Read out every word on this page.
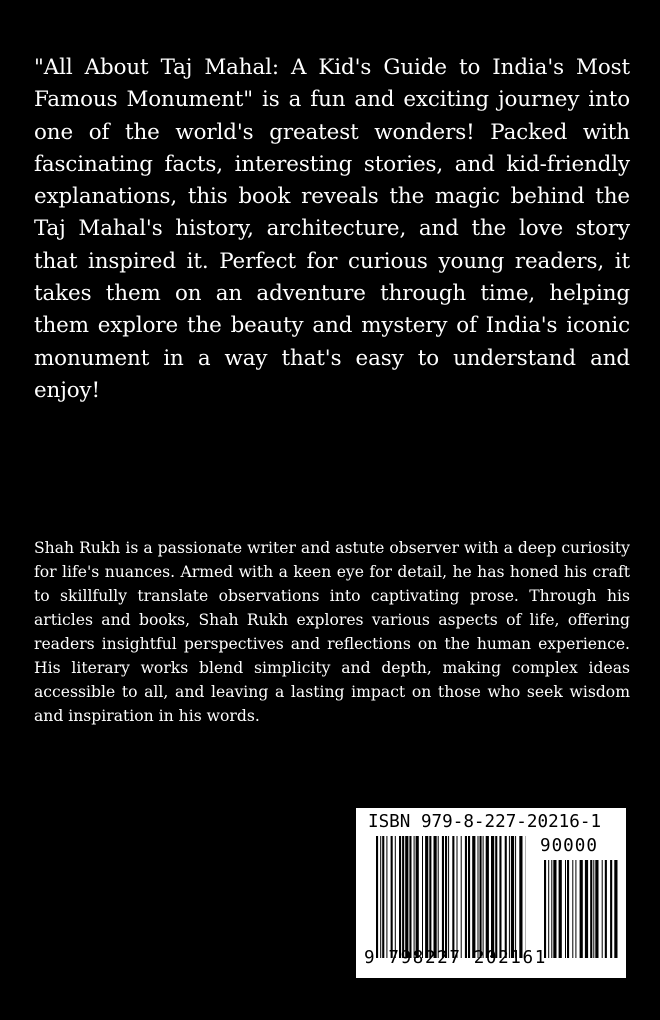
"All About Taj Mahal: A Kid's Guide to India's Most Famous Monument" is a fun and exciting journey into one of the world's greatest wonders! Packed with fascinating facts, interesting stories, and kid-friendly explanations, this book reveals the magic behind the Taj Mahal's history, architecture, and the love story that inspired it. Perfect for curious young readers, it takes them on an adventure through time, helping them explore the beauty and mystery of India's iconic monument in a way that's easy to understand and enjoy!

Shah Rukh is a passionate writer and astute observer with a deep curiosity for life's nuances. Armed with a keen eye for detail, he has honed his craft to skillfully translate observations into captivating prose. Through his articles and books, Shah Rukh explores various aspects of life, offering readers insightful perspectives and reflections on the human experience. His literary works blend simplicity and depth, making complex ideas accessible to all, and leaving a lasting impact on those who seek wisdom and inspiration in his words.

ISBN 979-8-227-20216-1
90000
9 798227 202161
